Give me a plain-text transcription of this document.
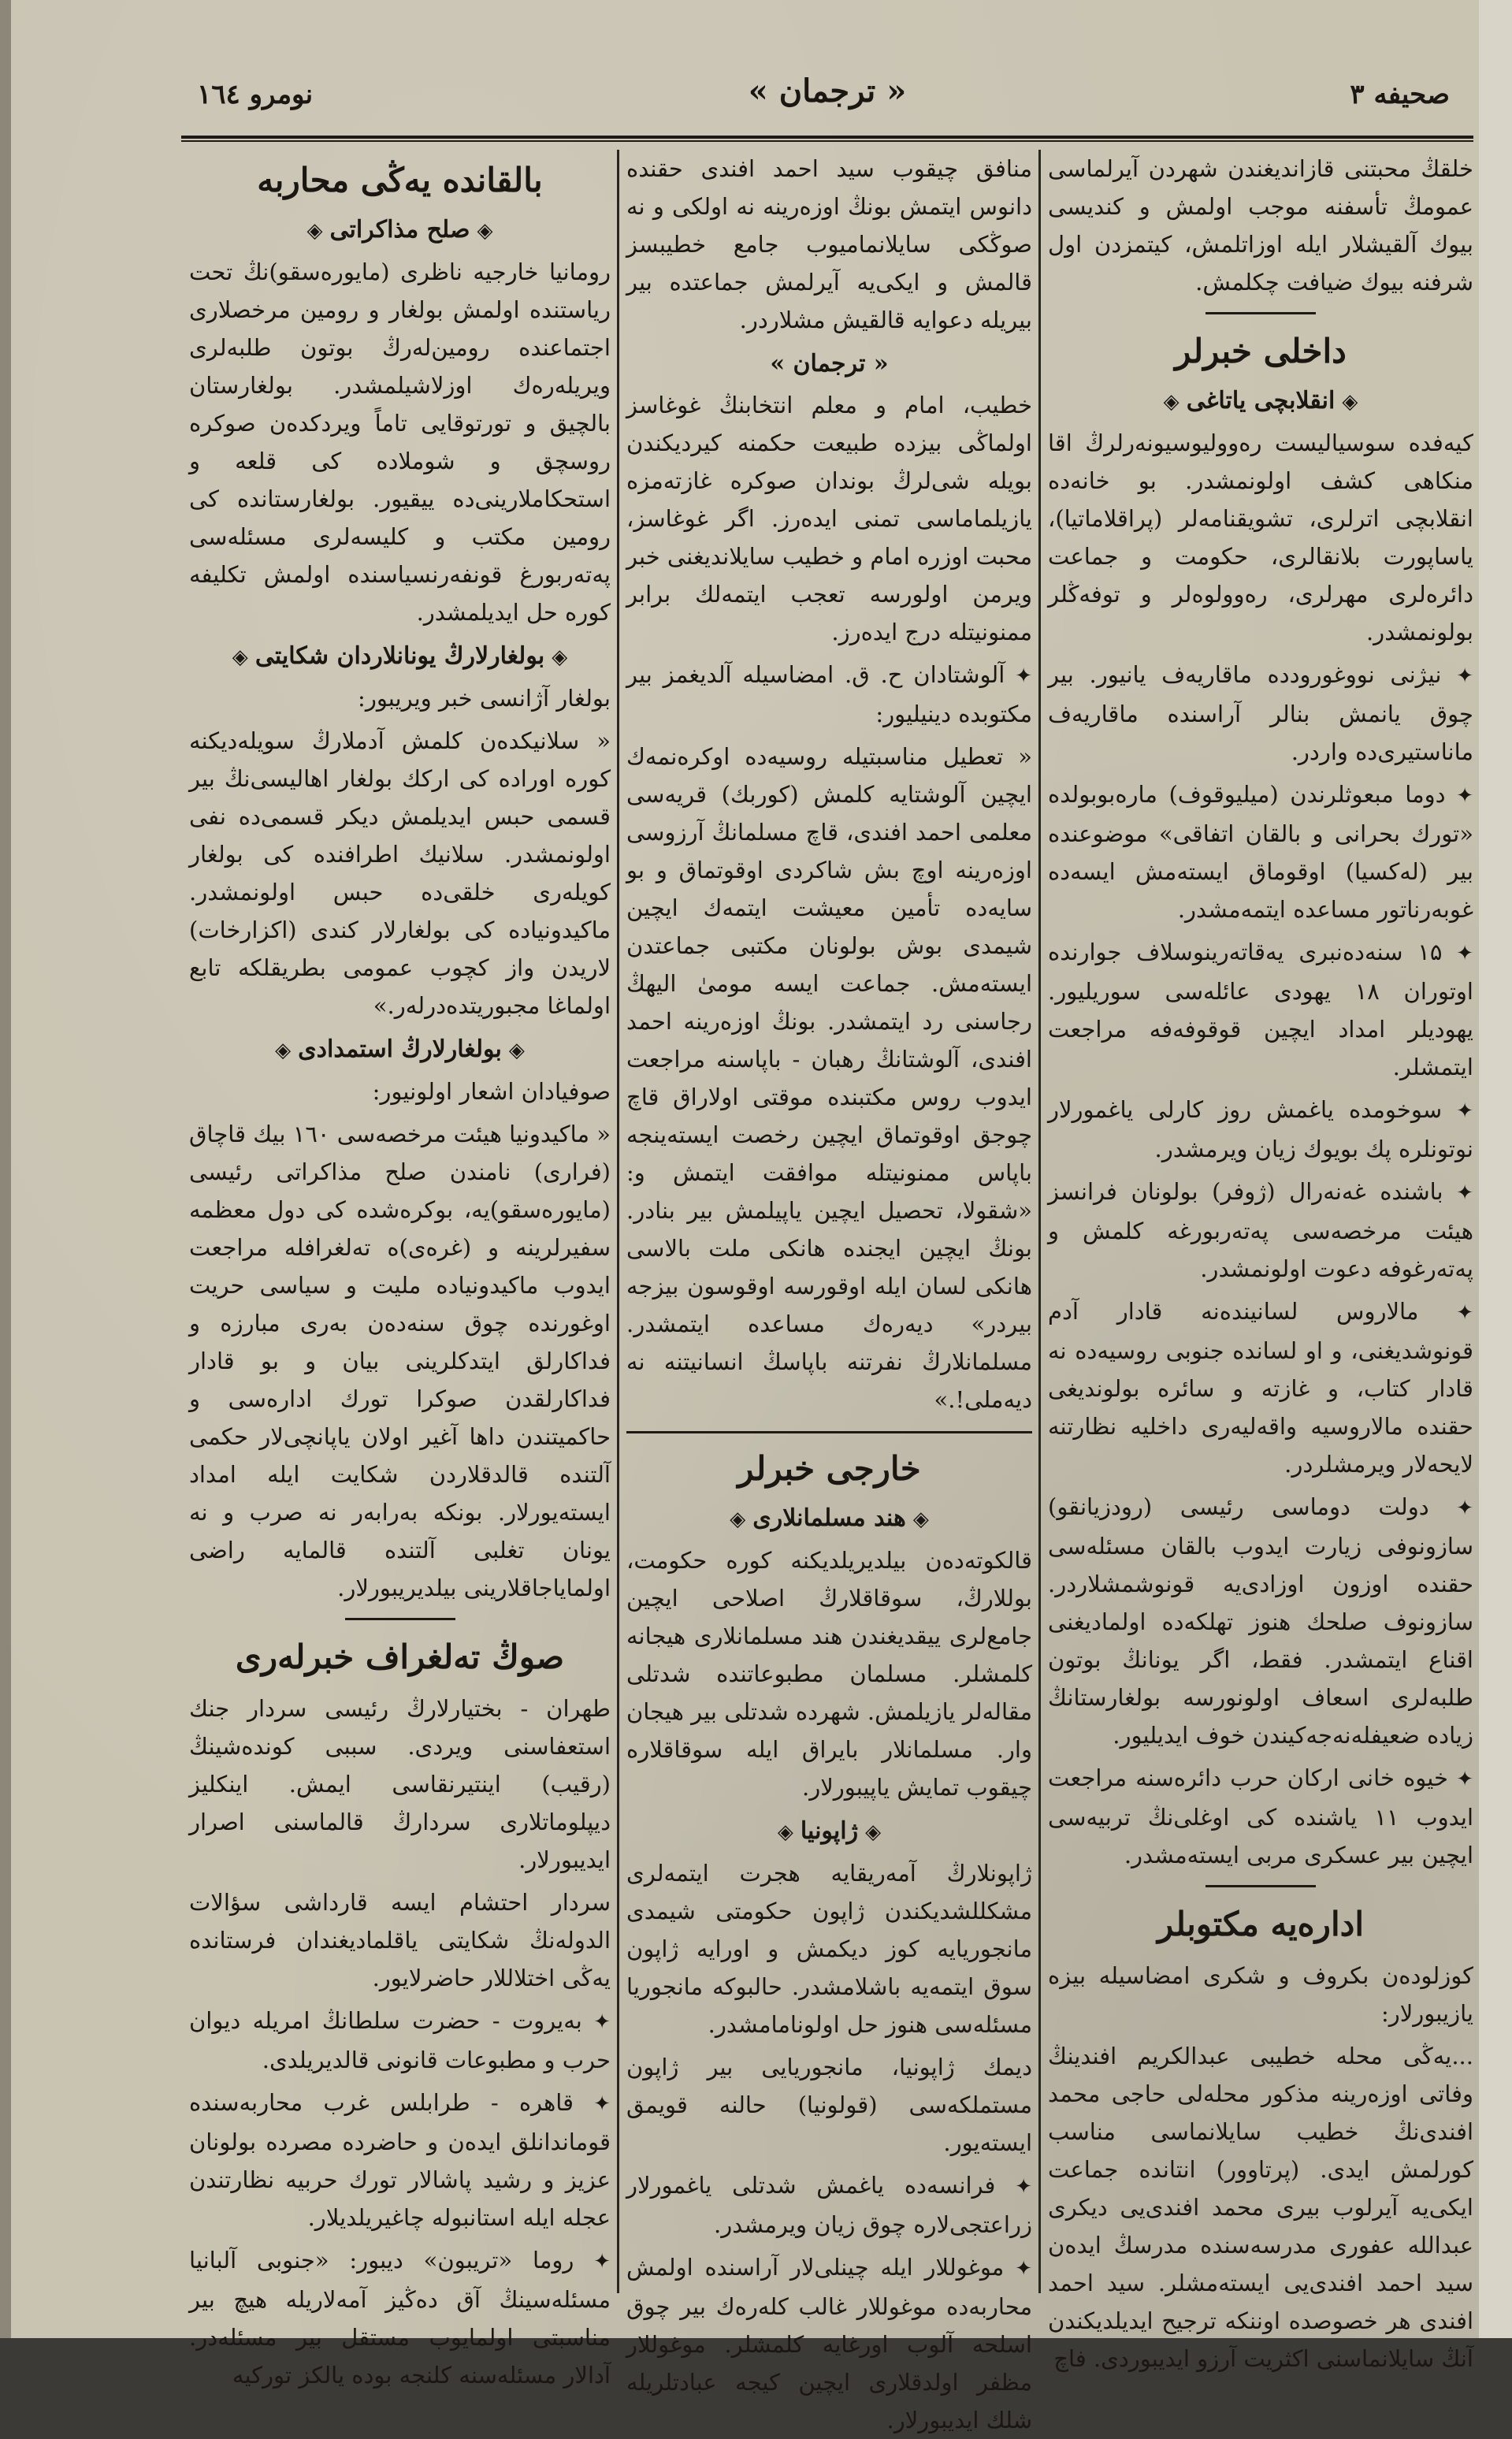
صحیفه ۳
« ترجمان »
نومرو ۱٦٤

خلقڭ محبتنی قازانديغندن شهردن آیرلماسی عمومڭ تأسفنه موجب اولمش و کندیسی بیوك آلقيشلار ایله اوزاتلمش، کیتمزدن اول شرفنه بیوك ضیافت چکلمش.

داخلی خبرلر
◈ انقلابچی یاتاغی ◈

کیه‌فده سوسیالیست رەوولیوسیونه‌رلرڭ اقا منکاهی کشف اولونمشدر. بو خانه‌ده انقلابچی اترلری، تشویقنامه‌لر (پراقلاماتیا)، یاساپورت بلانقالری، حکومت و جماعت دائره‌لری مهرلری، رەوولوەلر و توفەڭلر بولونمشدر.

✦ نیژنی نووغورودده ماقاریەف یانیور. بیر چوق یانمش بنالر آراسنده ماقاریەف ماناستیری‌ده واردر.

✦ دوما مبعوثلرندن (میلیوقوف) مارەبوبولده «تورك بحرانی و بالقان اتفاقی» موضوعنده بیر (لەکسیا) اوقوماق ایستەمش ایسه‌ده غوبەرناتور مساعده ایتمه‌مشدر.

✦ ١۵ سنه‌ده‌نبری یەقاتەرینوسلاف جوارنده اوتوران ١٨ یهودی عائله‌سی سوریلیور. یهودیلر امداد ایچین قوقوفه‌فه مراجعت ایتمشلر.

✦ سوخومده یاغمش روز کارلی یاغمورلار نوتونلره پك بویوك زیان ویرمشدر.

✦ باشنده غەنەرال (ژوفر) بولونان فرانسز هیئت مرخصه‌سی پەتەربورغه کلمش و پەتەرغوفه دعوت اولونمشدر.

✦ مالاروس لسانیندەنه قادار آدم قونوشدیغنی، و او لسانده جنوبی روسیه‌ده نه قادار کتاب، و غازته و سائره بولوندیغی حقنده مالاروسیه واقەلیەری داخلیه نظارتنه لایحه‌لار ویرمشلردر.

✦ دولت دوماسی رئیسی (رودزیانقو) سازونوفی زیارت ایدوب بالقان مسئله‌سی حقنده اوزون اوزادی‌یه قونوشمشلاردر. سازونوف صلحك هنوز تهلکه‌ده اولمادیغنی اقناع ایتمشدر. فقط، اگر یونانڭ بوتون طلبه‌لری اسعاف اولونورسه بولغارستانڭ زیاده ضعیفله‌نه‌جه‌کیندن خوف ایدیلیور.

✦ خیوه خانی ارکان حرب دائره‌سنه مراجعت ایدوب ١١ یاشنده کی اوغلی‌نڭ تربیه‌سی ایچین بیر عسکری مربی ایسته‌مشدر.

اداره‌یه مکتوبلر

کوزلوده‌ن بکروف و شکری امضاسیله بیزه یازیبورلار:

...یەڭی محله خطیبی عبدالکریم افندینڭ وفاتی اوزه‌رینه مذکور محله‌لی حاجی محمد افندی‌نڭ خطیب سایلانماسی مناسب کورلمش ایدی. (پرتاوور) انتانده جماعت ایکی‌یه آیرلوب بیری محمد افندی‌یی دیکری عبدالله عفوری مدرسه‌سنده مدرسڭ ایدەن سید احمد افندی‌یی ایسته‌مشلر. سید احمد افندی هر خصوصده اوننکه ترجیح ایدیلدیکندن آنڭ سایلانماسنی اکثریت آرزو ایدیبوردی. فاچ

منافق چیقوب سید احمد افندی حقنده دانوس ایتمش بونڭ اوزه‌رینه نه اولکی و نه صوڭکی سایلانمامیوب جامع خطیبسز قالمش و ایکی‌یه آیرلمش جماعتده بیر بیریله دعوایه قالقیش مشلاردر.

« ترجمان »

خطیب، امام و معلم انتخابنڭ غوغاسز اولماڭی بیزده طبیعت حکمنه کیردیکندن بویله شی‌لرڭ بوندان صوکره غازته‌مزه یازیلماماسی تمنی ایدەرز. اگر غوغاسز، محبت اوزره امام و خطیب سایلاندیغنی خبر ویرمن اولورسه تعجب ایتمه‌لك برابر ممنونیتله درج ایده‌رز.

✦ آلوشتادان ح. ق. امضاسیله آلدیغمز بیر مکتوبده دینیلیور:

« تعطیل مناسبتیله روسیه‌ده اوکرەنمه‌ك ایچین آلوشتایه کلمش (کوربك) قریه‌سی معلمی احمد افندی، قاچ مسلمانڭ آرزوسی اوزه‌رینه اوچ بش شاکردی اوقوتماق و بو سایه‌ده تأمین معیشت ایتمه‌ك ایچین شیمدی بوش بولونان مکتبی جماعتدن ایسته‌مش. جماعت ایسه مومیٰ الیهڭ رجاسنی رد ایتمشدر. بونڭ اوزه‌رینه احمد افندی، آلوشتانڭ رهبان - باپاسنه مراجعت ایدوب روس مکتبنده موقتی اولاراق قاچ چوجق اوقوتماق ایچین رخصت ایسته‌ینجه باپاس ممنونیتله موافقت ایتمش و: «شقولا، تحصیل ایچین یاپیلمش بیر بنادر. بونڭ ایچین ایجنده هانکی ملت بالاسی هانکی لسان ایله اوقورسه اوقوسون بیزجه بیردر» دیەرەك مساعده ایتمشدر. مسلمانلارڭ نفرتنه باپاسڭ انسانیتنه نه دیەملی!.»

خارجی خبرلر
◈ هند مسلمانلاری ◈

قالکوته‌ده‌ن بیلدیریلدیکنه کوره حکومت، بوللارڭ، سوقاقلارڭ اصلاحی ایچین جامع‌لری ییقدیغندن هند مسلمانلاری هیجانه کلمشلر. مسلمان مطبوعاتنده شدتلی مقاله‌لر یازیلمش. شهرده شدتلی بیر هیجان وار. مسلمانلار بایراق ایله سوقاقلاره چیقوب تمایش یاپیبورلار.

◈ ژاپونیا ◈

ژاپونلارڭ آمەریقایه هجرت ایتمه‌لری مشکللشدیکندن ژاپون حکومتی شیمدی مانجوریایه کوز دیکمش و اورایه ژاپون سوق ایتمه‌یه باشلامشدر. حالبوکه مانجوریا مسئله‌سی هنوز حل اولونامامشدر.

دیمك ژاپونیا، مانجوریایی بیر ژاپون مستملکه‌سی (قولونیا) حالنه قویمق ایستەیور.

✦ فرانسه‌ده یاغمش شدتلی یاغمورلار زراعتجی‌لاره چوق زیان ویرمشدر.

✦ موغوللار ایله چینلی‌لار آراسنده اولمش محاربه‌ده موغوللار غالب کله‌رەك بیر چوق اسلحه آلوب اورغایه کلمشلر. موغوللار مظفر اولدقلاری ایچین کیجه عبادتلریله شلك ایدیبورلار.

بالقانده یەڭی محاربه
◈ صلح مذاکراتی ◈

رومانیا خارجیه ناظری (مایوره‌سقو)نڭ تحت ریاستنده اولمش بولغار و رومین مرخصلاری اجتماعنده رومین‌لەرڭ بوتون طلبه‌لری ویریله‌رەك اوزلاشیلمشدر. بولغارستان بالچیق و تورتوقایی تاماً ویردکده‌ن صوکره روسچق و شوملاده کی قلعه و استحکاملارینی‌ده ییقیور. بولغارستانده کی رومین مکتب و کلیسه‌لری مسئله‌سی پەتەربورغ قونفه‌رنسیاسنده اولمش تکلیفه کوره حل ایدیلمشدر.

◈ بولغارلارڭ یونانلاردان شکایتی ◈

بولغار آژانسی خبر ویریبور:

« سلانیکده‌ن کلمش آدملارڭ سویله‌دیکنه کوره اورا‌ده کی ارکك بولغار اهالیسی‌نڭ بیر قسمی حبس ایدیلمش دیکر قسمی‌ده نفی اولونمشدر. سلانیك اطرافنده کی بولغار کویلەری خلقی‌ده حبس اولونمشدر. ماکیدونیاده کی بولغارلار کندی (اکزارخات) لاریدن واز کچوب عمومی بطریقلکه تابع اولماغا مجبوریتده‌درلەر.»

◈ بولغارلارڭ استمدادی ◈

صوفیادان اشعار اولونیور:

« ماکیدونیا هیئت مرخصه‌سی ١٦٠ بیك قاچاق (فراری) نامندن صلح مذاکراتی رئیسی (مایوره‌سقو)یه، بوکره‌شده کی دول معظمه سفیرلرینه و (غرەی)ه تەلغرافله مراجعت ایدوب ماکیدونیاده ملیت و سیاسی حریت اوغورنده چوق سنه‌ده‌ن بەری مبارزه و فداکارلق ایتدکلرینی بیان و بو قادار فداکارلقدن صوکرا تورك اداره‌سی و حاکمیتندن داها آغیر اولان یاپانچی‌لار حکمی آلتنده قالدقلاردن شکایت ایله امداد ایستەیورلار. بونکه بەرابەر نه صرب و نه یونان تغلبی آلتنده قالمایه راضی اولمایاجاقلارینی بیلدیریبورلار.

صوڭ تەلغراف خبرلەری

طهران - بختیارلارڭ رئیسی سردار جنك استعفاسنی ویردی. سببی کوندەشینڭ (رقیب) اینتیرنقاسی ایمش. اینکلیز دیپلوماتلاری سردارڭ قالماسنی اصرار ایدیبورلار.

سردار احتشام ایسه قارداشی سؤالات الدوله‌نڭ شکایتی یاقلمادیغندان فرستانده یەڭی اختلاللار حاضرلایور.

✦ بەیروت - حضرت سلطانڭ امریله دیوان حرب و مطبوعات قانونی قالدیریلدی.

✦ قاهره - طرابلس غرب محاربه‌سنده قوماندانلق ایدەن و حاضرده مصرده بولونان عزیز و رشید پاشالار تورك حربیه نظارتندن عجله ایله استانبوله چاغیریلدیلار.

✦ روما «تریبون» دیبور: «جنوبی آلبانیا مسئله‌سینڭ آق دەڭیز آمەلاریله هیچ بیر مناسبتی اولمایوب مستقل بیر مسئله‌در. آدالار مسئله‌سنه کلنجه بوده یالکز تورکیه
